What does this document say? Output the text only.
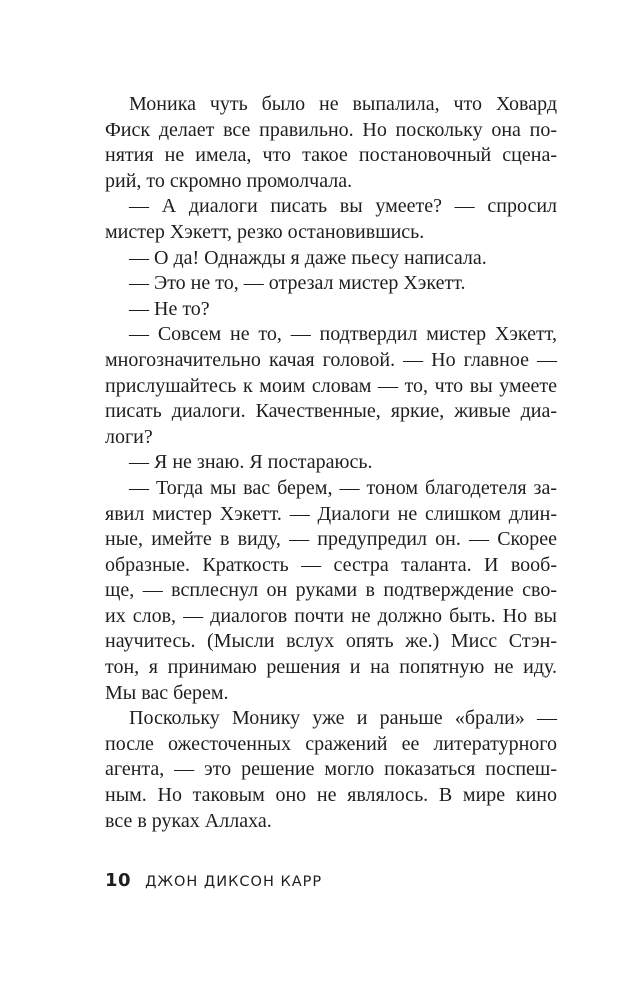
Моника чуть было не выпалила, что Ховард
Фиск делает все правильно. Но поскольку она по-
нятия не имела, что такое постановочный сцена-
рий, то скромно промолчала.
— А диалоги писать вы умеете? — спросил
мистер Хэкетт, резко остановившись.
— О да! Однажды я даже пьесу написала.
— Это не то, — отрезал мистер Хэкетт.
— Не то?
— Совсем не то, — подтвердил мистер Хэкетт,
многозначительно качая головой. — Но главное —
прислушайтесь к моим словам — то, что вы умеете
писать диалоги. Качественные, яркие, живые диа-
логи?
— Я не знаю. Я постараюсь.
— Тогда мы вас берем, — тоном благодетеля за-
явил мистер Хэкетт. — Диалоги не слишком длин-
ные, имейте в виду, — предупредил он. — Скорее
образные. Краткость — сестра таланта. И вооб-
ще, — всплеснул он руками в подтверждение сво-
их слов, — диалогов почти не должно быть. Но вы
научитесь. (Мысли вслух опять же.) Мисс Стэн-
тон, я принимаю решения и на попятную не иду.
Мы вас берем.
Поскольку Монику уже и раньше «брали» —
после ожесточенных сражений ее литературного
агента, — это решение могло показаться поспеш-
ным. Но таковым оно не являлось. В мире кино
все в руках Аллаха.
10 ДЖОН ДИКСОН КАРР
